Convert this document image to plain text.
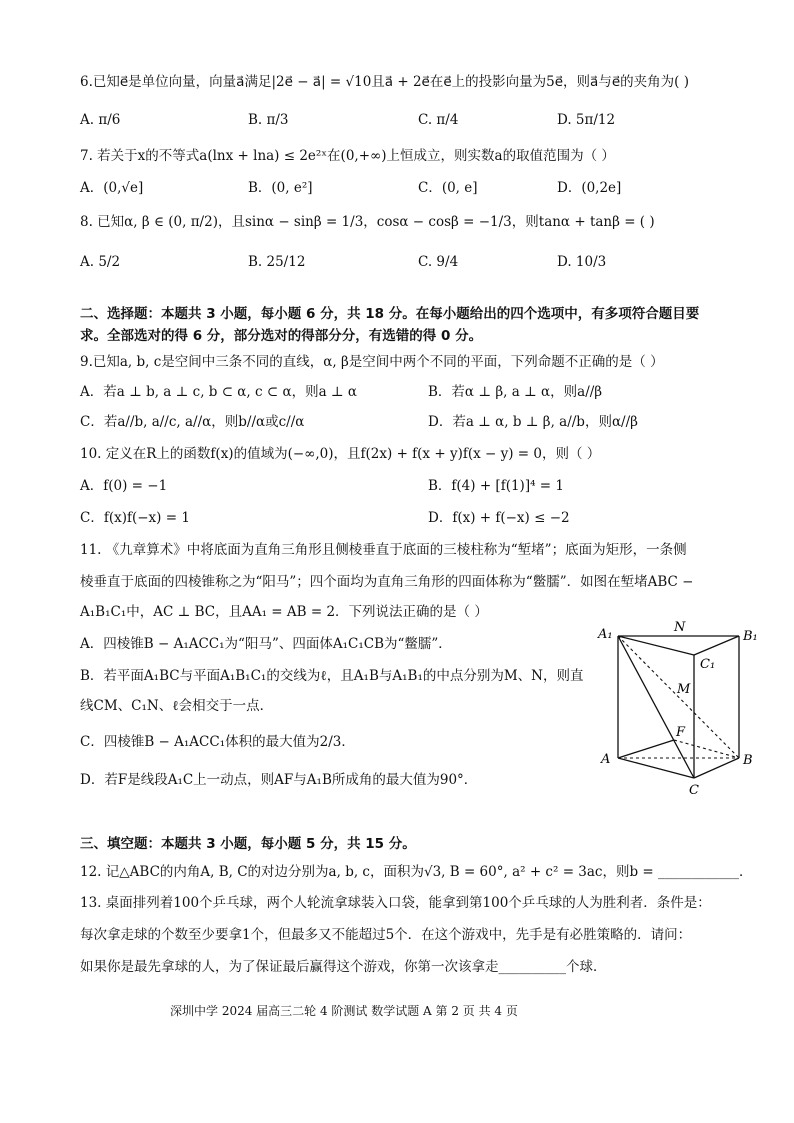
6.已知e⃗是单位向量，向量a⃗满足|2e⃗ − a⃗| = √10且a⃗ + 2e⃗在e⃗上的投影向量为5e⃗，则a⃗与e⃗的夹角为( )
A. π/6	B. π/3	C. π/4	D. 5π/12
7. 若关于x的不等式a(lnx + lna) ≤ 2e²ˣ在(0,+∞)上恒成立，则实数a的取值范围为（ ）
A．(0,√e]	B．(0, e²]	C．(0, e]	D．(0,2e]
8. 已知α, β ∈ (0, π/2)，且sinα − sinβ = 1/3，cosα − cosβ = −1/3，则tanα + tanβ = ( )
A. 5/2	B. 25/12	C. 9/4	D. 10/3
二、选择题：本题共 3 小题，每小题 6 分，共 18 分。在每小题给出的四个选项中，有多项符合题目要
求。全部选对的得 6 分，部分选对的得部分分，有选错的得 0 分。
9.已知a, b, c是空间中三条不同的直线，α, β是空间中两个不同的平面，下列命题不正确的是（ ）
A．若a ⊥ b, a ⊥ c, b ⊂ α, c ⊂ α，则a ⊥ α	B．若α ⊥ β, a ⊥ α，则a//β
C．若a//b, a//c, a//α，则b//α或c//α	D．若a ⊥ α, b ⊥ β, a//b，则α//β
10. 定义在R上的函数f(x)的值域为(−∞,0)，且f(2x) + f(x + y)f(x − y) = 0，则（ ）
A．f(0) = −1	B．f(4) + [f(1)]⁴ = 1
C．f(x)f(−x) = 1	D．f(x) + f(−x) ≤ −2
11. 《九章算术》中将底面为直角三角形且侧棱垂直于底面的三棱柱称为“堑堵”；底面为矩形，一条侧
棱垂直于底面的四棱锥称之为“阳马”；四个面均为直角三角形的四面体称为“鳖臑”．如图在堑堵ABC −
A₁B₁C₁中，AC ⊥ BC，且AA₁ = AB = 2．下列说法正确的是（ ）
A．四棱锥B − A₁ACC₁为“阳马”、四面体A₁C₁CB为“鳖臑”．
B．若平面A₁BC与平面A₁B₁C₁的交线为ℓ，且A₁B与A₁B₁的中点分别为M、N，则直
线CM、C₁N、ℓ会相交于一点．
C．四棱锥B − A₁ACC₁体积的最大值为2/3．
D．若F是线段A₁C上一动点，则AF与A₁B所成角的最大值为90°．
A₁	N
B₁
C₁
M
F
A	B
C
三、填空题：本题共 3 小题，每小题 5 分，共 15 分。
12. 记△ABC的内角A, B, C的对边分别为a, b, c，面积为√3, B = 60°, a² + c² = 3ac，则b = ____________．
13. 桌面排列着100个乒乓球，两个人轮流拿球装入口袋，能拿到第100个乒乓球的人为胜利者．条件是：
每次拿走球的个数至少要拿1个，但最多又不能超过5个．在这个游戏中，先手是有必胜策略的．请问：
如果你是最先拿球的人，为了保证最后赢得这个游戏，你第一次该拿走__________个球．
深圳中学 2024 届高三二轮 4 阶测试 数学试题 A 第 2 页 共 4 页
